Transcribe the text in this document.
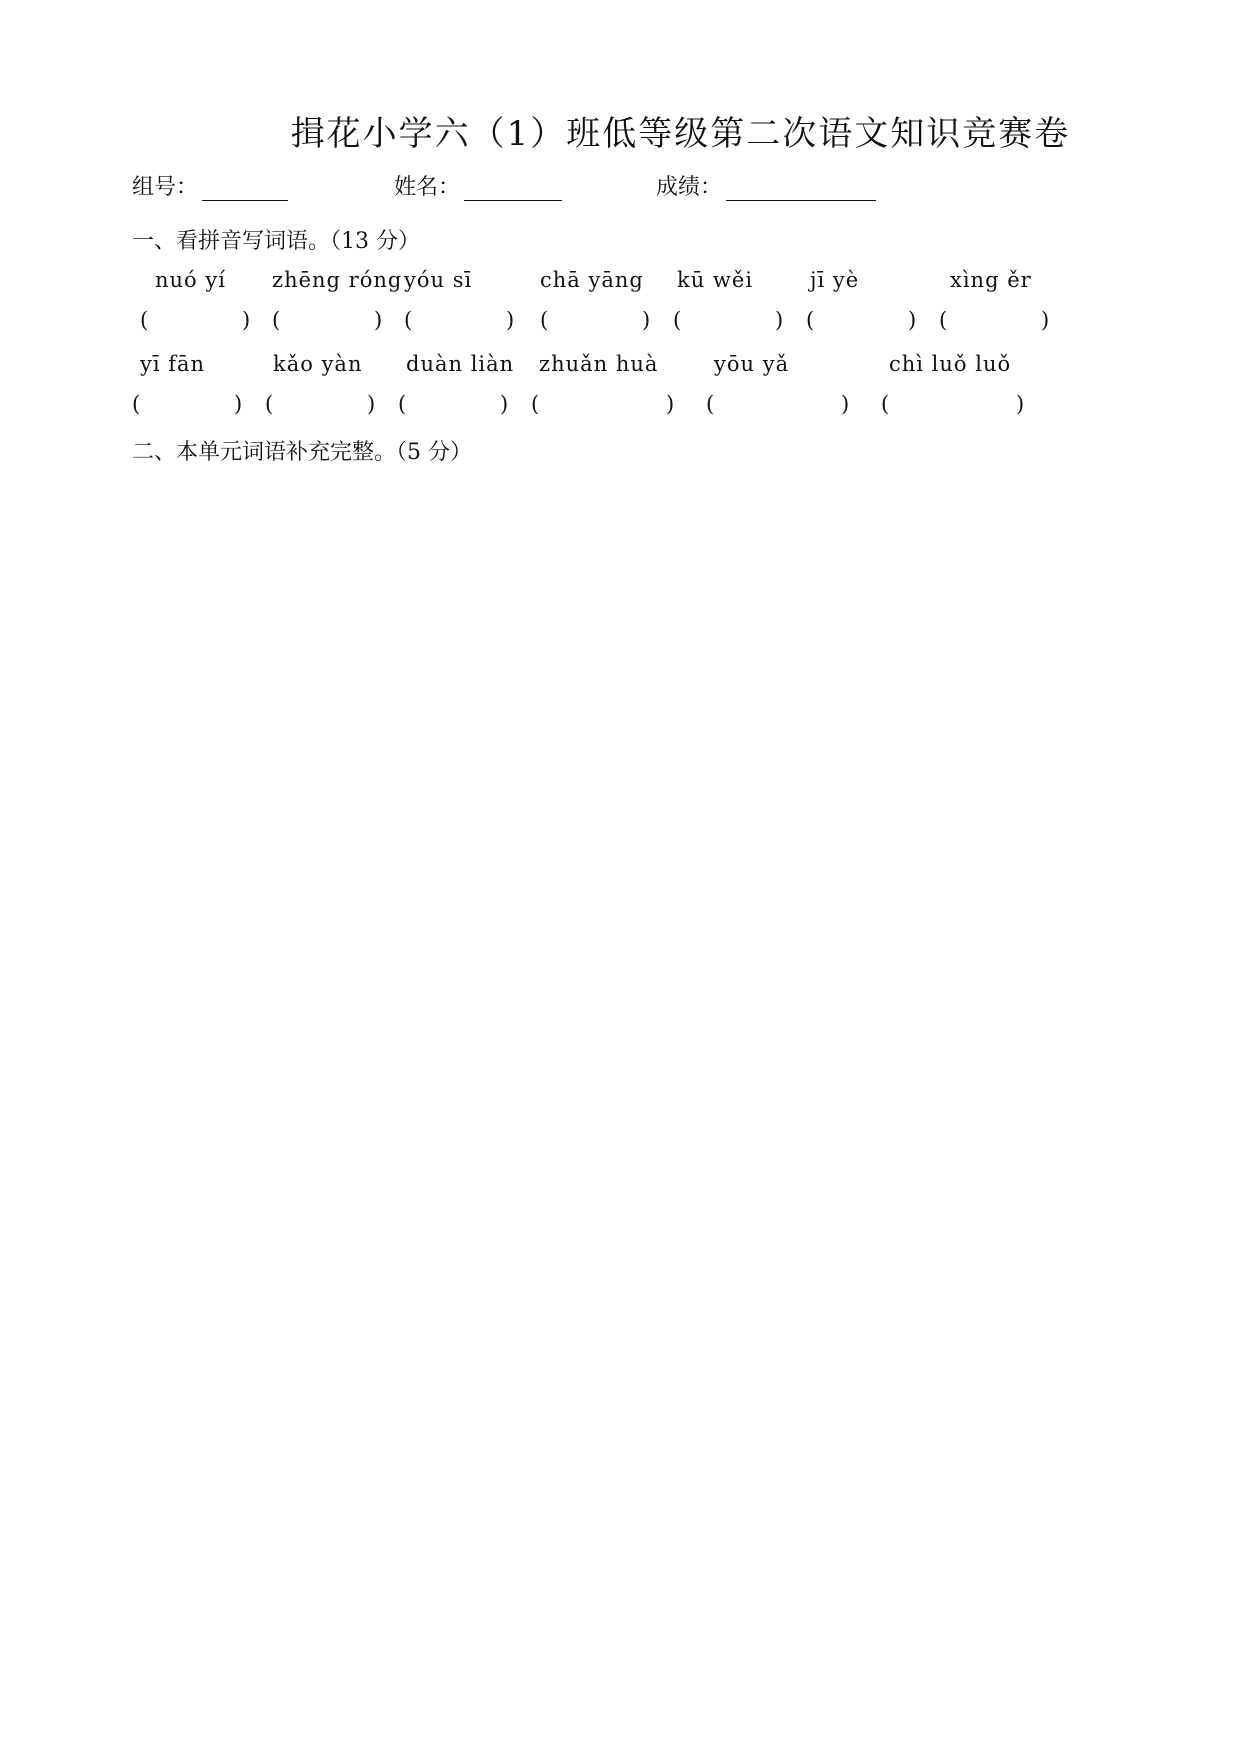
揖花小学六（1）班低等级第二次语文知识竞赛卷
组号：	姓名：	成绩：
一、看拼音写词语。（13 分）
nuó yí
(	)
zhēng róng
(	)
yóu sī
(	)
chā yāng
(	)
kū wěi
(	)
jī yè
(	)
xìng ěr
(	)
yī fān
(	)
kǎo yàn
(	)
duàn liàn
(	)
zhuǎn huà
(	)
yōu yǎ
(	)
chì luǒ luǒ
(	)
二、本单元词语补充完整。（5 分）
